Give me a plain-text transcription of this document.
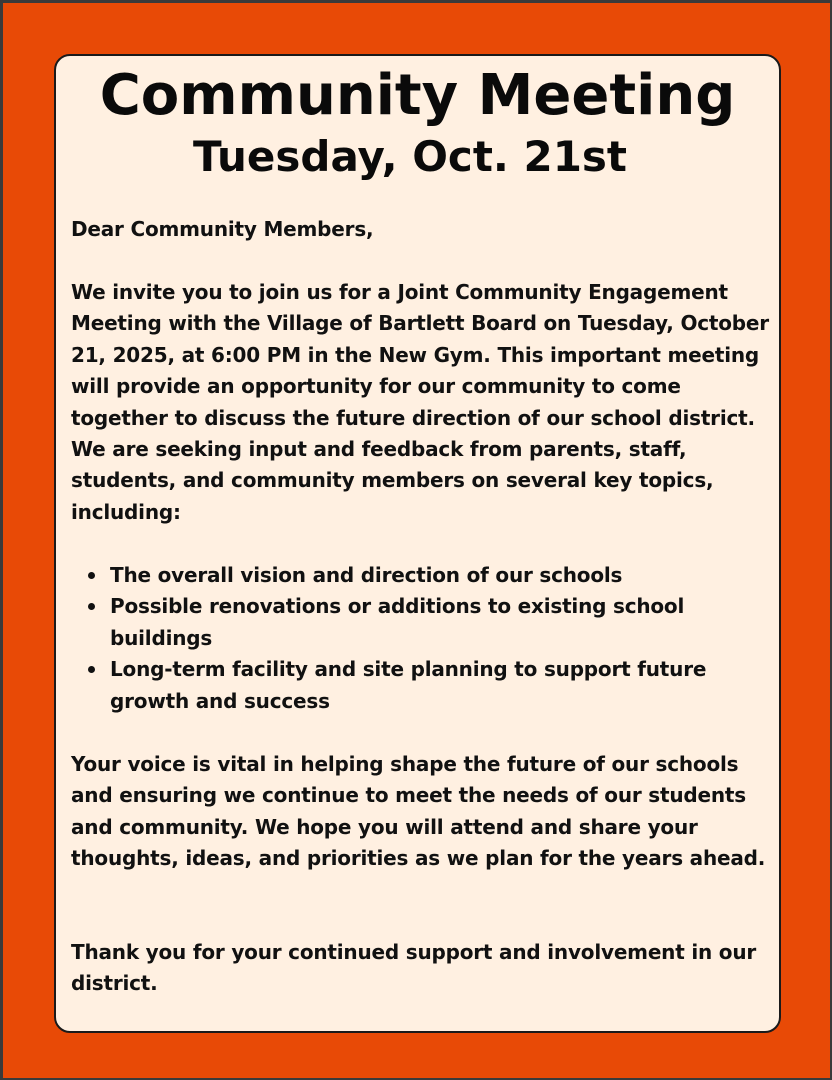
Community Meeting
Tuesday, Oct. 21st

Dear Community Members,

We invite you to join us for a Joint Community Engagement Meeting with the Village of Bartlett Board on Tuesday, October 21, 2025, at 6:00 PM in the New Gym. This important meeting will provide an opportunity for our community to come together to discuss the future direction of our school district. We are seeking input and feedback from parents, staff, students, and community members on several key topics, including:

The overall vision and direction of our schools
Possible renovations or additions to existing school buildings
Long-term facility and site planning to support future growth and success

Your voice is vital in helping shape the future of our schools and ensuring we continue to meet the needs of our students and community. We hope you will attend and share your thoughts, ideas, and priorities as we plan for the years ahead.

Thank you for your continued support and involvement in our district.
